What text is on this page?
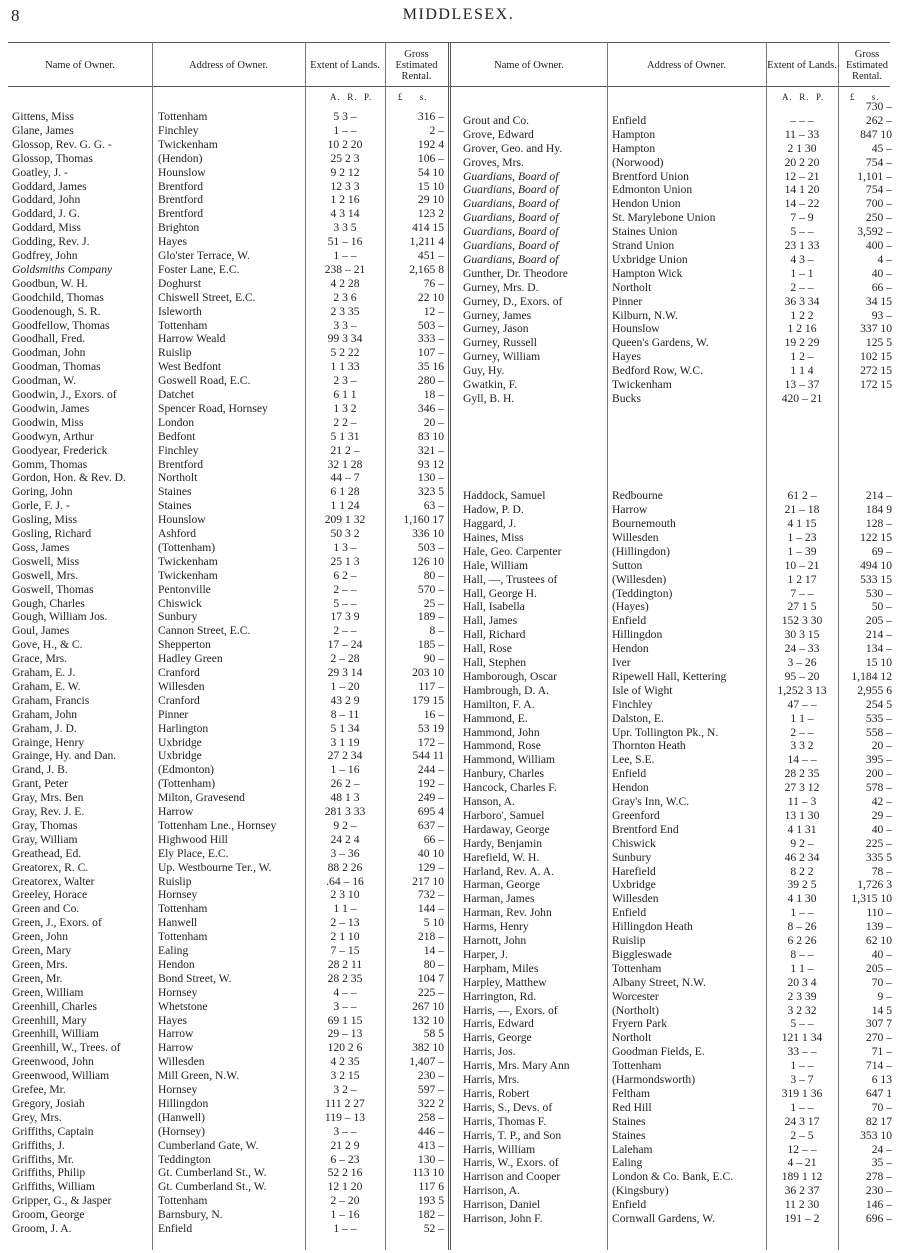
8	MIDDLESEX.
Name of Owner.	Address of Owner.	Extent of Lands.
Gross Estimated Rental.
Name of Owner.	Address of Owner.	Extent of Lands.
Gross Estimated Rental.
A.  R.  P.	£     s.	A.  R.  P.	£     s.
Gittens, Miss	Tottenham	5 3 –	316 –
Glane, James	Finchley	1 – –	2 –
Glossop, Rev. G. G. -	Twickenham	10 2 20	192 4
Glossop, Thomas	(Hendon)	25 2 3	106 –
Goatley, J. -	Hounslow	9 2 12	54 10
Goddard, James	Brentford	12 3 3	15 10
Goddard, John	Brentford	1 2 16	29 10
Goddard, J. G.	Brentford	4 3 14	123 2
Goddard, Miss	Brighton	3 3 5	414 15
Godding, Rev. J.	Hayes	51 – 16	1,211 4
Godfrey, John	Glo'ster Terrace, W.	1 – –	451 –
Goldsmiths Company	Foster Lane, E.C.	238 – 21	2,165 8
Goodbun, W. H.	Doghurst	4 2 28	76 –
Goodchild, Thomas	Chiswell Street, E.C.	2 3 6	22 10
Goodenough, S. R.	Isleworth	2 3 35	12 –
Goodfellow, Thomas	Tottenham	3 3 –	503 –
Goodhall, Fred.	Harrow Weald	99 3 34	333 –
Goodman, John	Ruislip	5 2 22	107 –
Goodman, Thomas	West Bedfont	1 1 33	35 16
Goodman, W.	Goswell Road, E.C.	2 3 –	280 –
Goodwin, J., Exors. of	Datchet	6 1 1	18 –
Goodwin, James	Spencer Road, Hornsey	1 3 2	346 –
Goodwin, Miss	London	2 2 –	20 –
Goodwyn, Arthur	Bedfont	5 1 31	83 10
Goodyear, Frederick	Finchley	21 2 –	321 –
Gomm, Thomas	Brentford	32 1 28	93 12
Gordon, Hon. & Rev. D.	Northolt	44 – 7	130 –
Goring, John	Staines	6 1 28	323 5
Gorle, F. J. -	Staines	1 1 24	63 –
Gosling, Miss	Hounslow	209 1 32	1,160 17
Gosling, Richard	Ashford	50 3 2	336 10
Goss, James	(Tottenham)	1 3 –	503 –
Goswell, Miss	Twickenham	25 1 3	126 10
Goswell, Mrs.	Twickenham	6 2 –	80 –
Goswell, Thomas	Pentonville	2 – –	570 –
Gough, Charles	Chiswick	5 – –	25 –
Gough, William Jos.	Sunbury	17 3 9	189 –
Goul, James	Cannon Street, E.C.	2 – –	8 –
Gove, H., & C.	Shepperton	17 – 24	185 –
Grace, Mrs.	Hadley Green	2 – 28	90 –
Graham, E. J.	Cranford	29 3 14	203 10
Graham, E. W.	Willesden	1 – 20	117 –
Graham, Francis	Cranford	43 2 9	179 15
Graham, John	Pinner	8 – 11	16 –
Graham, J. D.	Harlington	5 1 34	53 19
Grainge, Henry	Uxbridge	3 1 19	172 –
Grainge, Hy. and Dan.	Uxbridge	27 2 34	544 11
Grand, J. B.	(Edmonton)	1 – 16	244 –
Grant, Peter	(Tottenham)	26 2 –	192 –
Gray, Mrs. Ben	Milton, Gravesend	48 1 3	249 –
Gray, Rev. J. E.	Harrow	281 3 33	695 4
Gray, Thomas	Tottenham Lne., Hornsey	9 2 –	637 –
Gray, William	Highwood Hill	24 2 4	66 –
Greathead, Ed.	Ely Place, E.C.	3 – 36	40 10
Greatorex, R. C.	Up. Westbourne Ter., W.	88 2 26	129 –
Greatorex, Walter	Ruislip	.64 – 16	217 10
Greeley, Horace	Hornsey	2 3 10	732 –
Green and Co.	Tottenham	1 1 –	144 –
Green, J., Exors. of	Hanwell	2 – 13	5 10
Green, John	Tottenham	2 1 10	218 –
Green, Mary	Ealing	7 – 15	14 –
Green, Mrs.	Hendon	28 2 11	80 –
Green, Mr.	Bond Street, W.	28 2 35	104 7
Green, William	Hornsey	4 – –	225 –
Greenhill, Charles	Whetstone	3 – –	267 10
Greenhill, Mary	Hayes	69 1 15	132 10
Greenhill, William	Harrow	29 – 13	58 5
Greenhill, W., Trees. of	Harrow	120 2 6	382 10
Greenwood, John	Willesden	4 2 35	1,407 –
Greenwood, William	Mill Green, N.W.	3 2 15	230 –
Grefee, Mr.	Hornsey	3 2 –	597 –
Gregory, Josiah	Hillingdon	111 2 27	322 2
Grey, Mrs.	(Hanwell)	119 – 13	258 –
Griffiths, Captain	(Hornsey)	3 – –	446 –
Griffiths, J.	Cumberland Gate, W.	21 2 9	413 –
Griffiths, Mr.	Teddington	6 – 23	130 –
Griffiths, Philip	Gt. Cumberland St., W.	52 2 16	113 10
Griffiths, William	Gt. Cumberland St., W.	12 1 20	117 6
Gripper, G., & Jasper	Tottenham	2 – 20	193 5
Groom, George	Barnsbury, N.	1 – 16	182 –
Groom, J. A.	Enfield	1 – –	52 –
730 –
Grout and Co.	Enfield	– – –	262 –
Grove, Edward	Hampton	11 – 33	847 10
Grover, Geo. and Hy.	Hampton	2 1 30	45 –
Groves, Mrs.	(Norwood)	20 2 20	754 –
Guardians, Board of	Brentford Union	12 – 21	1,101 –
Guardians, Board of	Edmonton Union	14 1 20	754 –
Guardians, Board of	Hendon Union	14 – 22	700 –
Guardians, Board of	St. Marylebone Union	7 – 9	250 –
Guardians, Board of	Staines Union	5 – –	3,592 –
Guardians, Board of	Strand Union	23 1 33	400 –
Guardians, Board of	Uxbridge Union	4 3 –	4 –
Gunther, Dr. Theodore	Hampton Wick	1 – 1	40 –
Gurney, Mrs. D.	Northolt	2 – –	66 –
Gurney, D., Exors. of	Pinner	36 3 34	34 15
Gurney, James	Kilburn, N.W.	1 2 2	93 –
Gurney, Jason	Hounslow	1 2 16	337 10
Gurney, Russell	Queen's Gardens, W.	19 2 29	125 5
Gurney, William	Hayes	1 2 –	102 15
Guy, Hy.	Bedford Row, W.C.	1 1 4	272 15
Gwatkin, F.	Twickenham	13 – 37	172 15
Gyll, B. H.	Bucks	420 – 21
Haddock, Samuel	Redbourne	61 2 –	214 –
Hadow, P. D.	Harrow	21 – 18	184 9
Haggard, J.	Bournemouth	4 1 15	128 –
Haines, Miss	Willesden	1 – 23	122 15
Hale, Geo. Carpenter	(Hillingdon)	1 – 39	69 –
Hale, William	Sutton	10 – 21	494 10
Hall, —, Trustees of	(Willesden)	1 2 17	533 15
Hall, George H.	(Teddington)	7 – –	530 –
Hall, Isabella	(Hayes)	27 1 5	50 –
Hall, James	Enfield	152 3 30	205 –
Hall, Richard	Hillingdon	30 3 15	214 –
Hall, Rose	Hendon	24 – 33	134 –
Hall, Stephen	Iver	3 – 26	15 10
Hamborough, Oscar	Ripewell Hall, Kettering	95 – 20	1,184 12
Hambrough, D. A.	Isle of Wight	1,252 3 13	2,955 6
Hamilton, F. A.	Finchley	47 – –	254 5
Hammond, E.	Dalston, E.	1 1 –	535 –
Hammond, John	Upr. Tollington Pk., N.	2 – –	558 –
Hammond, Rose	Thornton Heath	3 3 2	20 –
Hammond, William	Lee, S.E.	14 – –	395 –
Hanbury, Charles	Enfield	28 2 35	200 –
Hancock, Charles F.	Hendon	27 3 12	578 –
Hanson, A.	Gray's Inn, W.C.	11 – 3	42 –
Harboro', Samuel	Greenford	13 1 30	29 –
Hardaway, George	Brentford End	4 1 31	40 –
Hardy, Benjamin	Chiswick	9 2 –	225 –
Harefield, W. H.	Sunbury	46 2 34	335 5
Harland, Rev. A. A.	Harefield	8 2 2	78 –
Harman, George	Uxbridge	39 2 5	1,726 3
Harman, James	Willesden	4 1 30	1,315 10
Harman, Rev. John	Enfield	1 – –	110 –
Harms, Henry	Hillingdon Heath	8 – 26	139 –
Harnott, John	Ruislip	6 2 26	62 10
Harper, J.	Biggleswade	8 – –	40 –
Harpham, Miles	Tottenham	1 1 –	205 –
Harpley, Matthew	Albany Street, N.W.	20 3 4	70 –
Harrington, Rd.	Worcester	2 3 39	9 –
Harris, —, Exors. of	(Northolt)	3 2 32	14 5
Harris, Edward	Fryern Park	5 – –	307 7
Harris, George	Northolt	121 1 34	270 –
Harris, Jos.	Goodman Fields, E.	33 – –	71 –
Harris, Mrs. Mary Ann	Tottenham	1 – –	714 –
Harris, Mrs.	(Harmondsworth)	3 – 7	6 13
Harris, Robert	Feltham	319 1 36	647 1
Harris, S., Devs. of	Red Hill	1 – –	70 –
Harris, Thomas F.	Staines	24 3 17	82 17
Harris, T. P., and Son	Staines	2 – 5	353 10
Harris, William	Laleham	12 – –	24 –
Harris, W., Exors. of	Ealing	4 – 21	35 –
Harrison and Cooper	London & Co. Bank, E.C.	189 1 12	278 –
Harrison, A.	(Kingsbury)	36 2 37	230 –
Harrison, Daniel	Enfield	11 2 30	146 –
Harrison, John F.	Cornwall Gardens, W.	191 – 2	696 –
